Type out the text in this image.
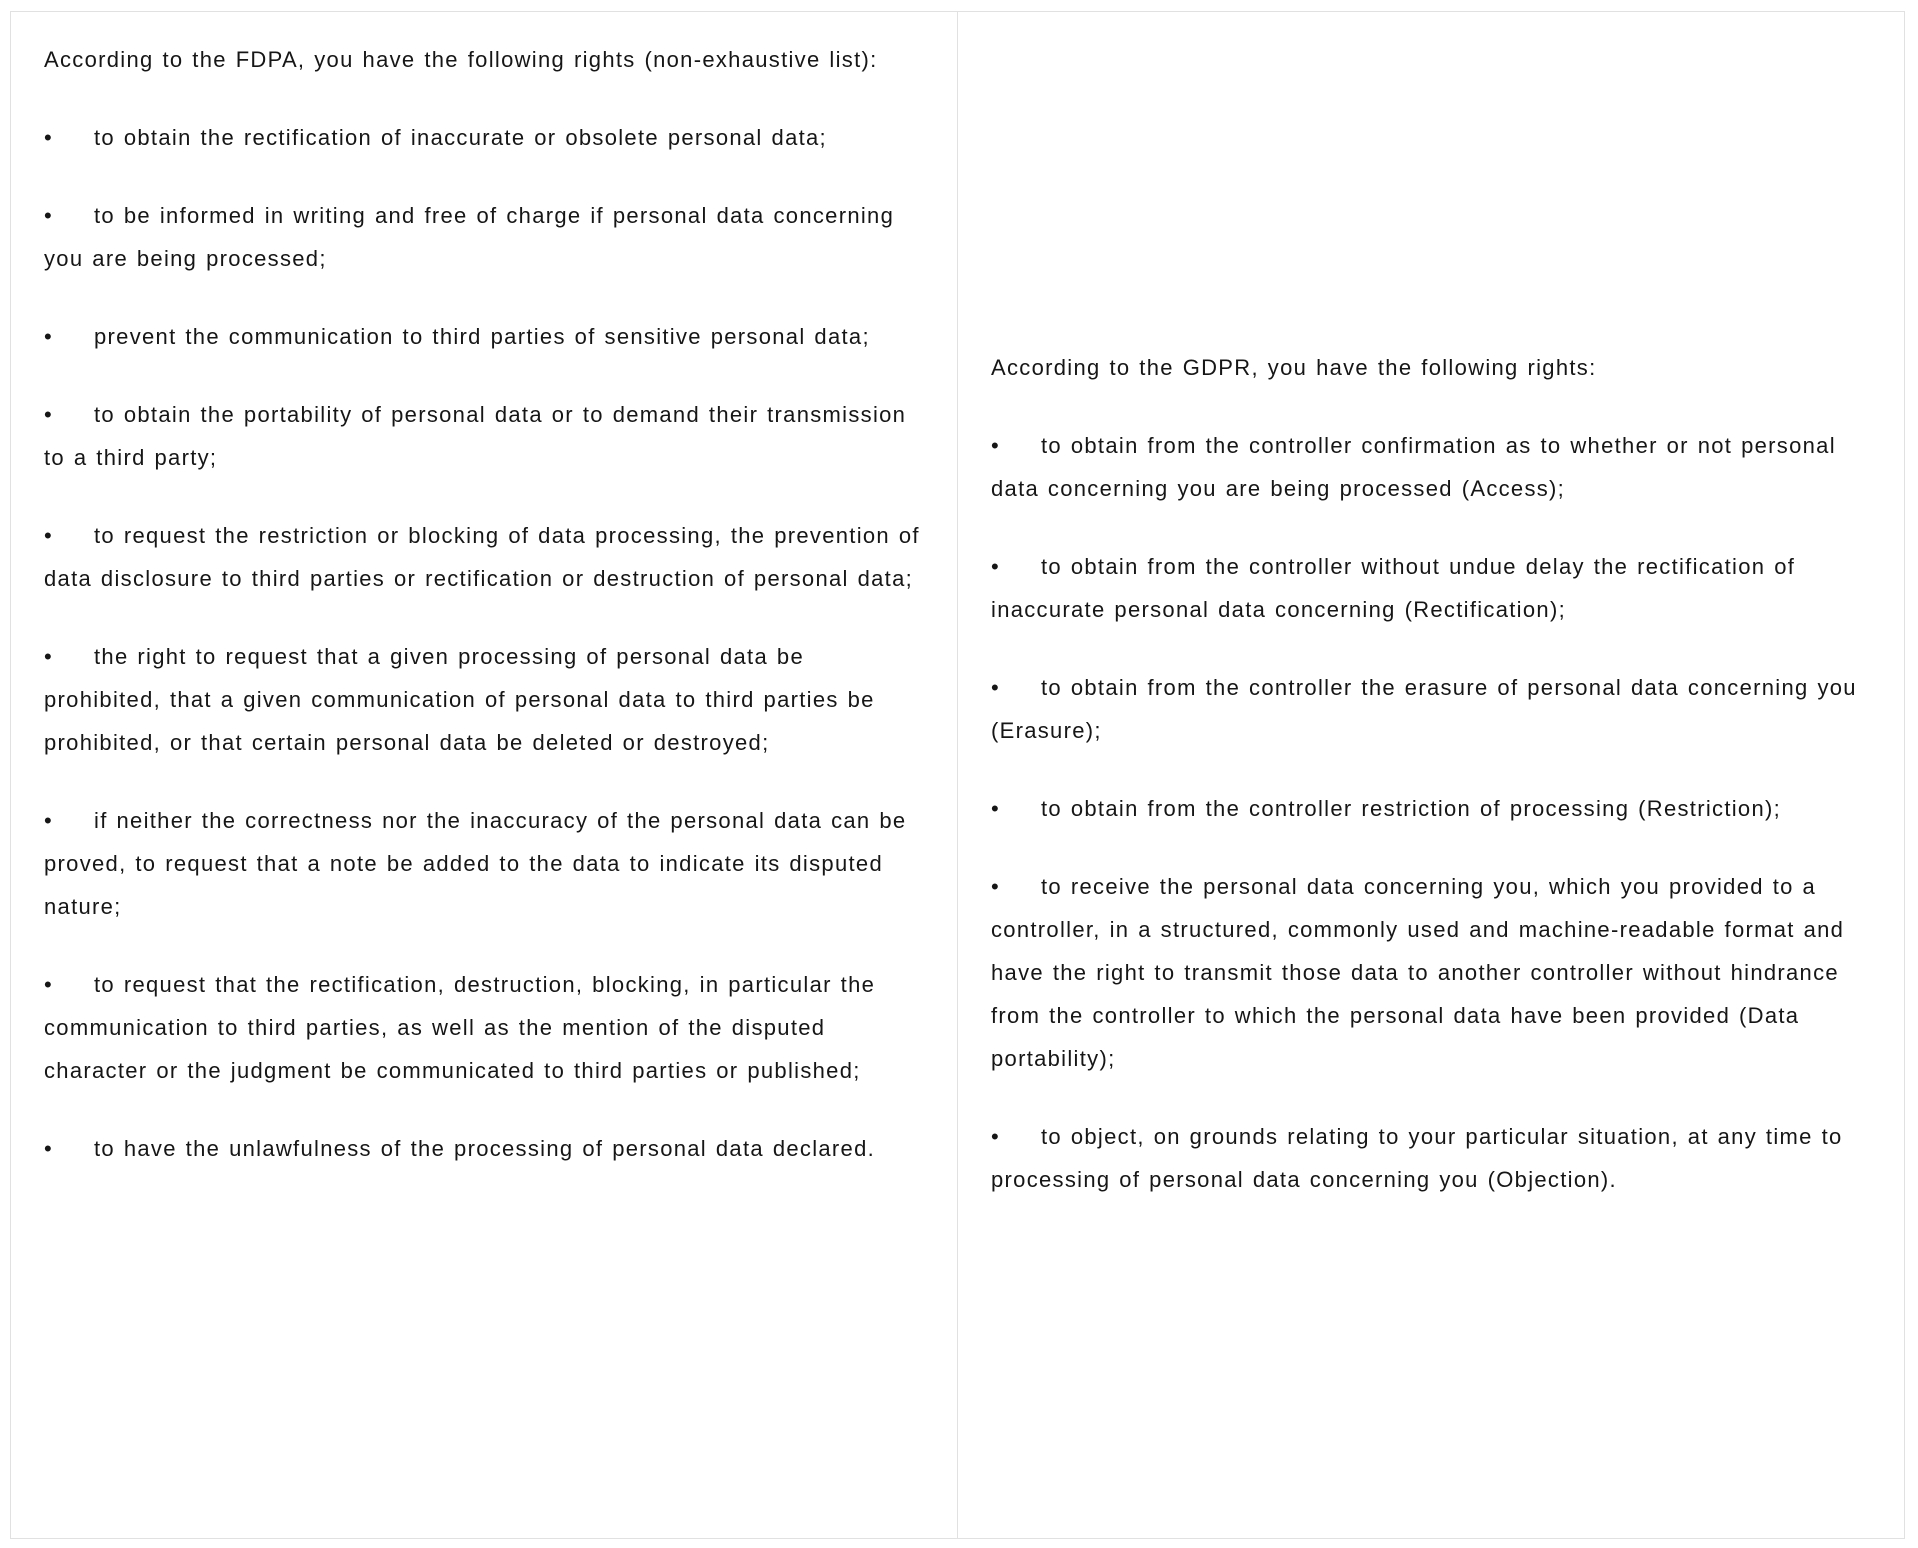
According to the FDPA, you have the following rights (non-exhaustive list):

• to obtain the rectification of inaccurate or obsolete personal data;

• to be informed in writing and free of charge if personal data concerning you are being processed;

• prevent the communication to third parties of sensitive personal data;

• to obtain the portability of personal data or to demand their transmission to a third party;

• to request the restriction or blocking of data processing, the prevention of data disclosure to third parties or rectification or destruction of personal data;

• the right to request that a given processing of personal data be prohibited, that a given communication of personal data to third parties be prohibited, or that certain personal data be deleted or destroyed;

• if neither the correctness nor the inaccuracy of the personal data can be proved, to request that a note be added to the data to indicate its disputed nature;

• to request that the rectification, destruction, blocking, in particular the communication to third parties, as well as the mention of the disputed character or the judgment be communicated to third parties or published;

• to have the unlawfulness of the processing of personal data declared.

According to the GDPR, you have the following rights:

• to obtain from the controller confirmation as to whether or not personal data concerning you are being processed (Access);

• to obtain from the controller without undue delay the rectification of inaccurate personal data concerning (Rectification);

• to obtain from the controller the erasure of personal data concerning you (Erasure);

• to obtain from the controller restriction of processing (Restriction);

• to receive the personal data concerning you, which you provided to a controller, in a structured, commonly used and machine-readable format and have the right to transmit those data to another controller without hindrance from the controller to which the personal data have been provided (Data portability);

• to object, on grounds relating to your particular situation, at any time to processing of personal data concerning you (Objection).
